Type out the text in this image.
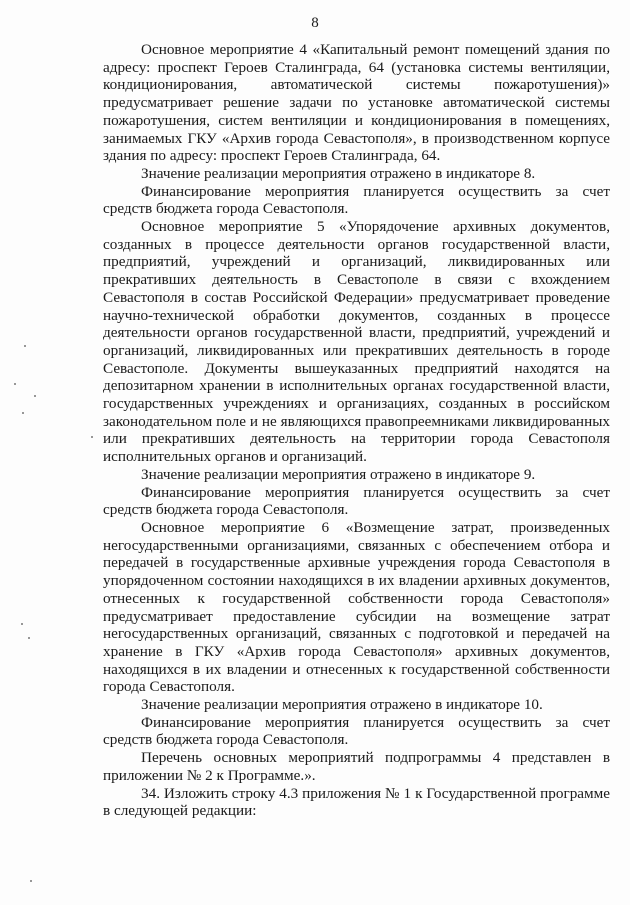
8

Основное мероприятие 4 «Капитальный ремонт помещений здания по адресу: проспект Героев Сталинграда, 64 (установка системы вентиляции, кондиционирования, автоматической системы пожаротушения)» предусматривает решение задачи по установке автоматической системы пожаротушения, систем вентиляции и кондиционирования в помещениях, занимаемых ГКУ «Архив города Севастополя», в производственном корпусе здания по адресу: проспект Героев Сталинграда, 64.

Значение реализации мероприятия отражено в индикаторе 8.

Финансирование мероприятия планируется осуществить за счет средств бюджета города Севастополя.

Основное мероприятие 5 «Упорядочение архивных документов, созданных в процессе деятельности органов государственной власти, предприятий, учреждений и организаций, ликвидированных или прекративших деятельность в Севастополе в связи с вхождением Севастополя в состав Российской Федерации» предусматривает проведение научно-технической обработки документов, созданных в процессе деятельности органов государственной власти, предприятий, учреждений и организаций, ликвидированных или прекративших деятельность в городе Севастополе. Документы вышеуказанных предприятий находятся на депозитарном хранении в исполнительных органах государственной власти, государственных учреждениях и организациях, созданных в российском законодательном поле и не являющихся правопреемниками ликвидированных или прекративших деятельность на территории города Севастополя исполнительных органов и организаций.

Значение реализации мероприятия отражено в индикаторе 9.

Финансирование мероприятия планируется осуществить за счет средств бюджета города Севастополя.

Основное мероприятие 6 «Возмещение затрат, произведенных негосударственными организациями, связанных с обеспечением отбора и передачей в государственные архивные учреждения города Севастополя в упорядоченном состоянии находящихся в их владении архивных документов, отнесенных к государственной собственности города Севастополя» предусматривает предоставление субсидии на возмещение затрат негосударственных организаций, связанных с подготовкой и передачей на хранение в ГКУ «Архив города Севастополя» архивных документов, находящихся в их владении и отнесенных к государственной собственности города Севастополя.

Значение реализации мероприятия отражено в индикаторе 10.

Финансирование мероприятия планируется осуществить за счет средств бюджета города Севастополя.

Перечень основных мероприятий подпрограммы 4 представлен в приложении № 2 к Программе.».

34. Изложить строку 4.3 приложения № 1 к Государственной программе в следующей редакции:
